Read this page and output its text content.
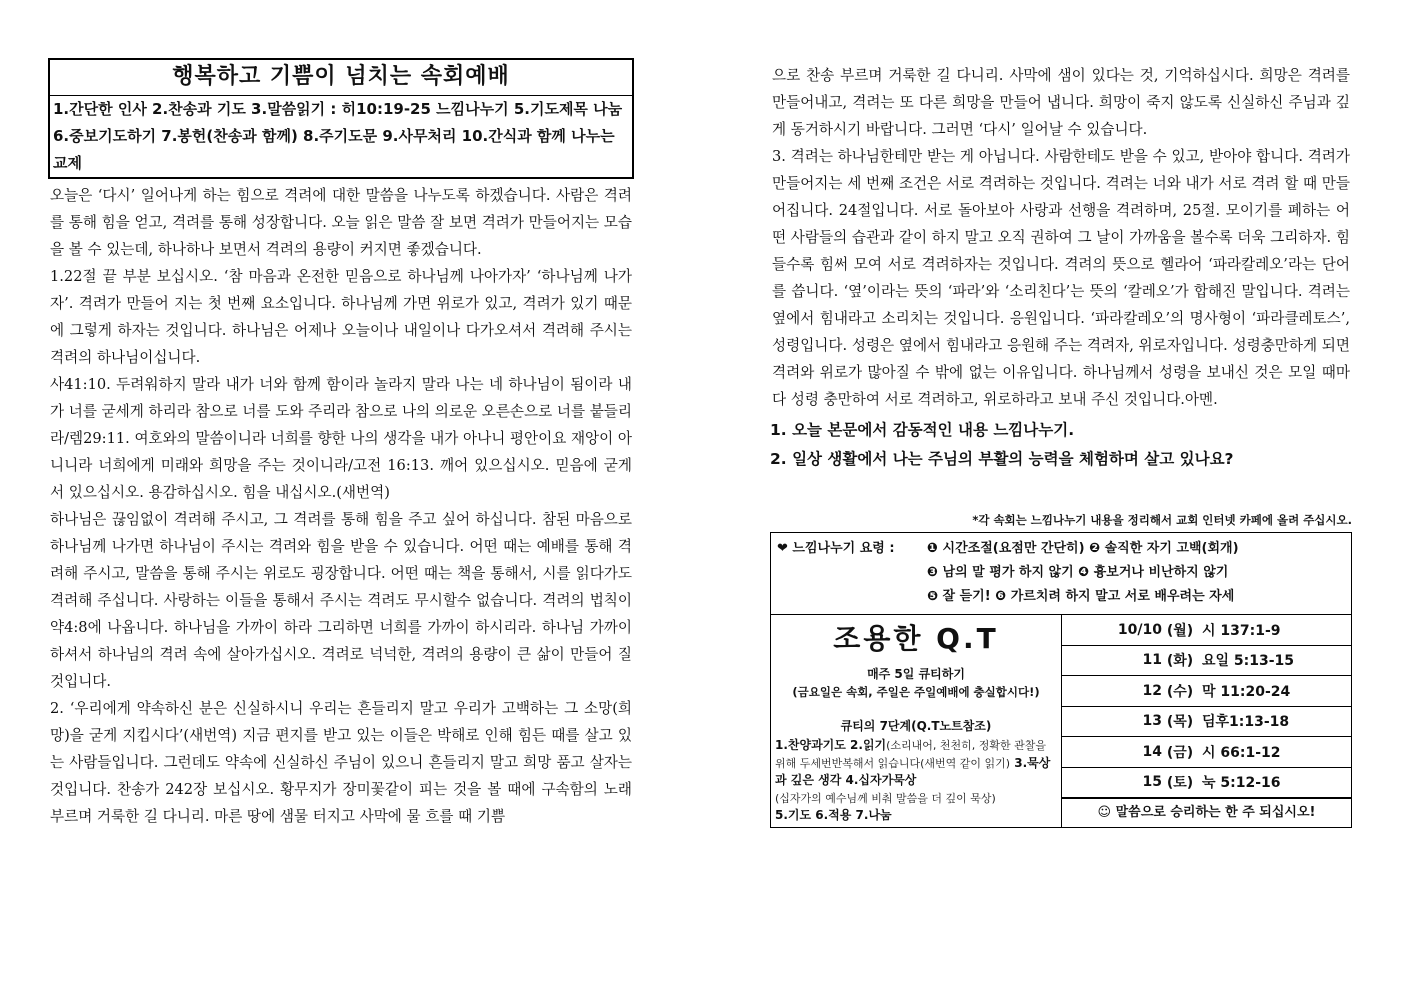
행복하고 기쁨이 넘치는 속회예배
1.간단한 인사 2.찬송과 기도 3.말씀읽기 : 히10:19-25 느낌나누기 5.기도제목 나눔 6.중보기도하기 7.봉헌(찬송과 함께) 8.주기도문 9.사무처리 10.간식과 함께 나누는 교제

오늘은 ‘다시’ 일어나게 하는 힘으로 격려에 대한 말씀을 나누도록 하겠습니다. 사람은 격려를 통해 힘을 얻고, 격려를 통해 성장합니다. 오늘 읽은 말씀 잘 보면 격려가 만들어지는 모습을 볼 수 있는데, 하나하나 보면서 격려의 용량이 커지면 좋겠습니다.

1.22절 끝 부분 보십시오. ‘참 마음과 온전한 믿음으로 하나님께 나아가자’ ‘하나님께 나가자’. 격려가 만들어 지는 첫 번째 요소입니다. 하나님께 가면 위로가 있고, 격려가 있기 때문에 그렇게 하자는 것입니다. 하나님은 어제나 오늘이나 내일이나 다가오셔서 격려해 주시는 격려의 하나님이십니다.

사41:10. 두려워하지 말라 내가 너와 함께 함이라 놀라지 말라 나는 네 하나님이 됨이라 내가 너를 굳세게 하리라 참으로 너를 도와 주리라 참으로 나의 의로운 오른손으로 너를 붙들리라/렘29:11. 여호와의 말씀이니라 너희를 향한 나의 생각을 내가 아나니 평안이요 재앙이 아니니라 너희에게 미래와 희망을 주는 것이니라/고전 16:13. 깨어 있으십시오. 믿음에 굳게 서 있으십시오. 용감하십시오. 힘을 내십시오.(새번역)

하나님은 끊임없이 격려해 주시고, 그 격려를 통해 힘을 주고 싶어 하십니다. 참된 마음으로 하나님께 나가면 하나님이 주시는 격려와 힘을 받을 수 있습니다. 어떤 때는 예배를 통해 격려해 주시고, 말씀을 통해 주시는 위로도 굉장합니다. 어떤 때는 책을 통해서, 시를 읽다가도 격려해 주십니다. 사랑하는 이들을 통해서 주시는 격려도 무시할수 없습니다. 격려의 법칙이 약4:8에 나옵니다. 하나님을 가까이 하라 그리하면 너희를 가까이 하시리라. 하나님 가까이 하셔서 하나님의 격려 속에 살아가십시오. 격려로 넉넉한, 격려의 용량이 큰 삶이 만들어 질 것입니다.

2. ‘우리에게 약속하신 분은 신실하시니 우리는 흔들리지 말고 우리가 고백하는 그 소망(희망)을 굳게 지킵시다’(새번역) 지금 편지를 받고 있는 이들은 박해로 인해 힘든 때를 살고 있는 사람들입니다. 그런데도 약속에 신실하신 주님이 있으니 흔들리지 말고 희망 품고 살자는 것입니다. 찬송가 242장 보십시오. 황무지가 장미꽃같이 피는 것을 볼 때에 구속함의 노래 부르며 거룩한 길 다니리. 마른 땅에 샘물 터지고 사막에 물 흐를 때 기쁨

으로 찬송 부르며 거룩한 길 다니리. 사막에 샘이 있다는 것, 기억하십시다. 희망은 격려를 만들어내고, 격려는 또 다른 희망을 만들어 냅니다. 희망이 죽지 않도록 신실하신 주님과 깊게 동거하시기 바랍니다. 그러면 ‘다시’ 일어날 수 있습니다.

3. 격려는 하나님한테만 받는 게 아닙니다. 사람한테도 받을 수 있고, 받아야 합니다. 격려가 만들어지는 세 번째 조건은 서로 격려하는 것입니다. 격려는 너와 내가 서로 격려 할 때 만들어집니다. 24절입니다. 서로 돌아보아 사랑과 선행을 격려하며, 25절. 모이기를 폐하는 어떤 사람들의 습관과 같이 하지 말고 오직 권하여 그 날이 가까움을 볼수록 더욱 그리하자. 힘들수록 힘써 모여 서로 격려하자는 것입니다. 격려의 뜻으로 헬라어 ‘파라칼레오’라는 단어를 씁니다. ‘옆’이라는 뜻의 ‘파라’와 ‘소리친다’는 뜻의 ‘칼레오’가 합해진 말입니다. 격려는 옆에서 힘내라고 소리치는 것입니다. 응원입니다. ‘파라칼레오’의 명사형이 ‘파라클레토스’, 성령입니다. 성령은 옆에서 힘내라고 응원해 주는 격려자, 위로자입니다. 성령충만하게 되면 격려와 위로가 많아질 수 밖에 없는 이유입니다. 하나님께서 성령을 보내신 것은 모일 때마다 성령 충만하여 서로 격려하고, 위로하라고 보내 주신 것입니다.아멘.

1. 오늘 본문에서 감동적인 내용 느낌나누기.

2. 일상 생활에서 나는 주님의 부활의 능력을 체험하며 살고 있나요?

*각 속회는 느낌나누기 내용을 정리해서 교회 인터넷 카페에 올려 주십시오.
❤ 느낌나누기 요령 :	❶ 시간조절(요점만 간단히) ❷ 솔직한 자기 고백(회개)
❸ 남의 말 평가 하지 않기 ❹ 흉보거나 비난하지 않기
❺ 잘 듣기! ❻ 가르치려 하지 말고 서로 배우려는 자세
조용한 Q.T
매주 5일 큐티하기
(금요일은 속회, 주일은 주일예배에 충실합시다!)
큐티의 7단계(Q.T노트참조)
1.찬양과기도 2.읽기(소리내어, 천천히, 정확한 관찰을 위해 두세번반복해서 읽습니다(새번역 같이 읽기) 3.묵상과 깊은 생각 4.십자가묵상
(십자가의 예수님께 비춰 말씀을 더 깊이 묵상)
5.기도 6.적용 7.나눔
10/10 (월) 시 137:1-9
11 (화) 요일 5:13-15
12 (수) 막 11:20-24
13 (목) 딤후1:13-18
14 (금) 시 66:1-12
15 (토) 눅 5:12-16
☺ 말씀으로 승리하는 한 주 되십시오!
